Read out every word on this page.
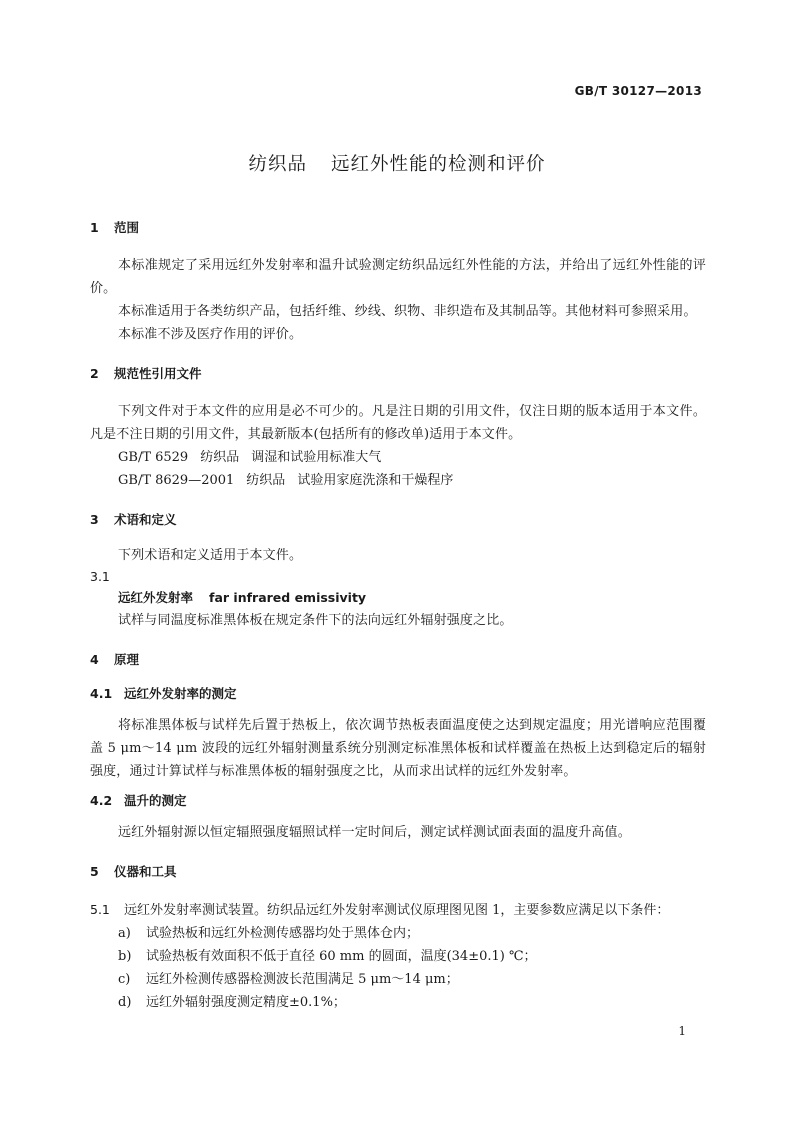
GB/T 30127—2013
纺织品 远红外性能的检测和评价
1 范围
本标准规定了采用远红外发射率和温升试验测定纺织品远红外性能的方法，并给出了远红外性能的评价。
本标准适用于各类纺织产品，包括纤维、纱线、织物、非织造布及其制品等。其他材料可参照采用。
本标准不涉及医疗作用的评价。
2 规范性引用文件
下列文件对于本文件的应用是必不可少的。凡是注日期的引用文件，仅注日期的版本适用于本文件。凡是不注日期的引用文件，其最新版本(包括所有的修改单)适用于本文件。
GB/T 6529 纺织品 调湿和试验用标准大气
GB/T 8629—2001 纺织品 试验用家庭洗涤和干燥程序
3 术语和定义
下列术语和定义适用于本文件。
3.1
远红外发射率 far infrared emissivity
试样与同温度标准黑体板在规定条件下的法向远红外辐射强度之比。
4 原理
4.1 远红外发射率的测定
将标准黑体板与试样先后置于热板上，依次调节热板表面温度使之达到规定温度；用光谱响应范围覆盖 5 μm～14 μm 波段的远红外辐射测量系统分别测定标准黑体板和试样覆盖在热板上达到稳定后的辐射强度，通过计算试样与标准黑体板的辐射强度之比，从而求出试样的远红外发射率。
4.2 温升的测定
远红外辐射源以恒定辐照强度辐照试样一定时间后，测定试样测试面表面的温度升高值。
5 仪器和工具
5.1 远红外发射率测试装置。纺织品远红外发射率测试仪原理图见图 1，主要参数应满足以下条件：
a) 试验热板和远红外检测传感器均处于黑体仓内；
b) 试验热板有效面积不低于直径 60 mm 的圆面，温度(34±0.1) ℃；
c) 远红外检测传感器检测波长范围满足 5 μm～14 μm；
d) 远红外辐射强度测定精度±0.1%；
1
